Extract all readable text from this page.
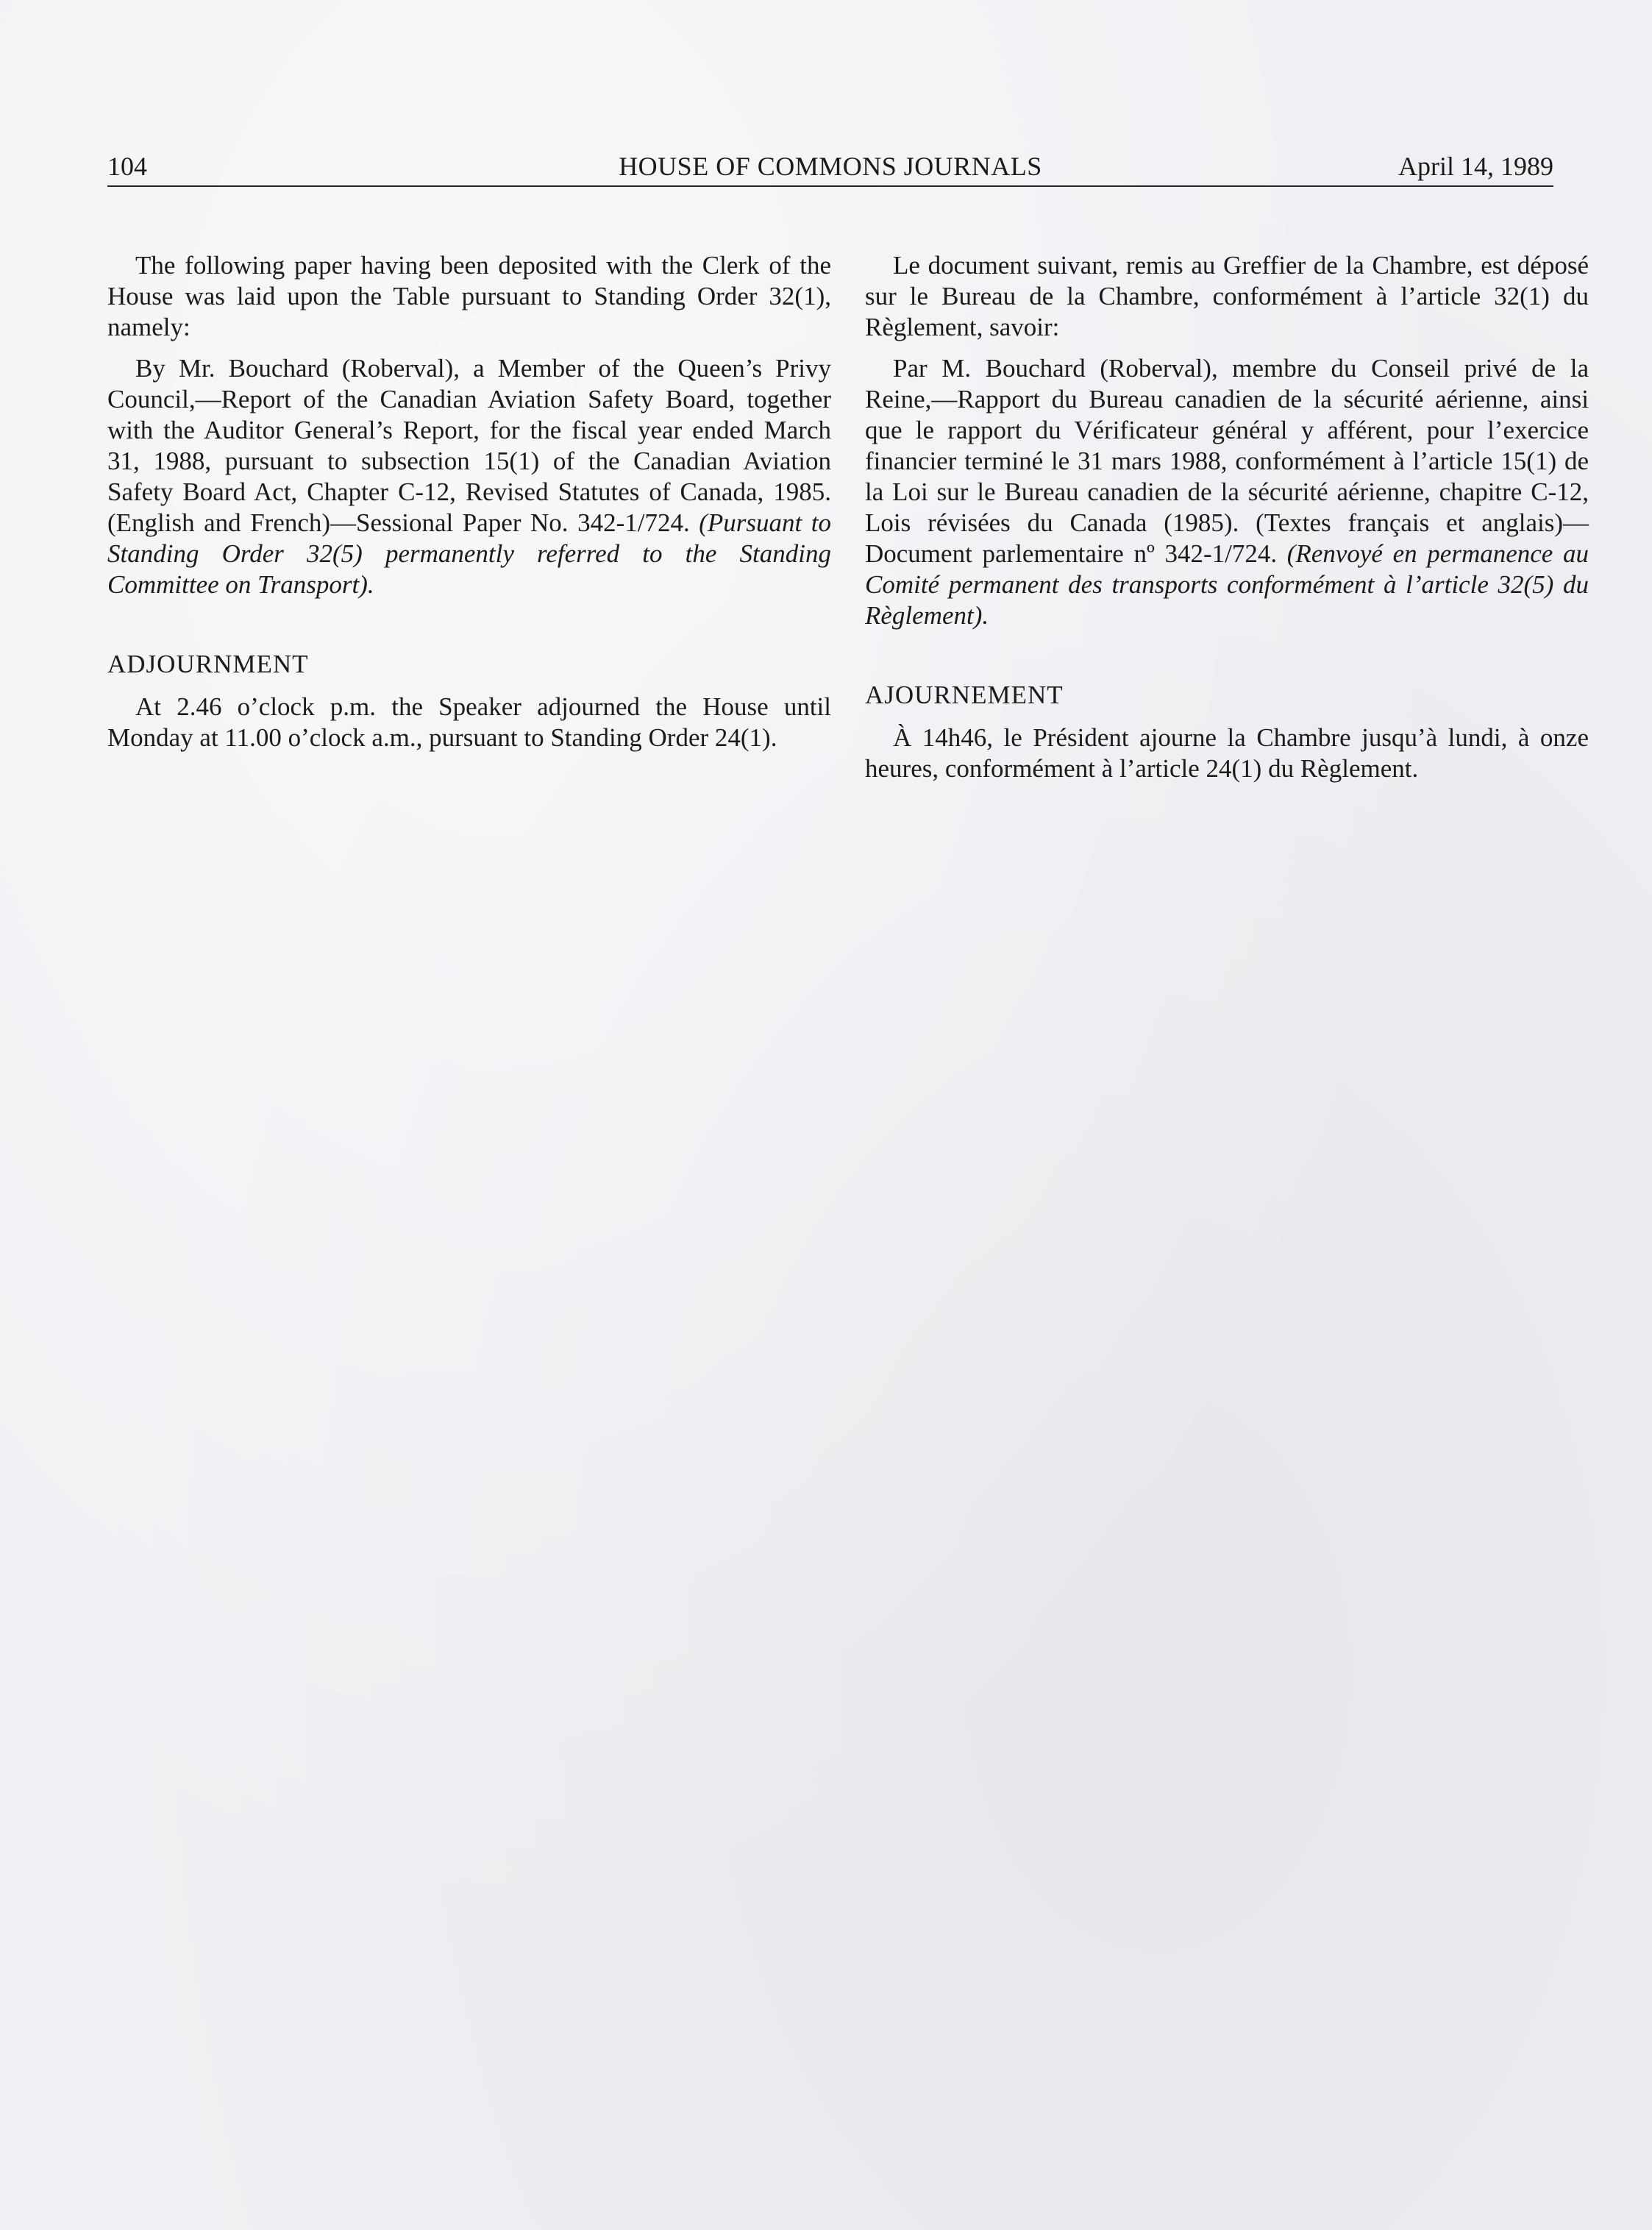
104	HOUSE OF COMMONS JOURNALS	April 14, 1989

The following paper having been deposited with the Clerk of the House was laid upon the Table pursuant to Standing Order 32(1), namely:

By Mr. Bouchard (Roberval), a Member of the Queen’s Privy Council,—Report of the Canadian Aviation Safety Board, together with the Auditor General’s Report, for the fiscal year ended March 31, 1988, pursuant to subsection 15(1) of the Canadian Aviation Safety Board Act, Chapter C-12, Revised Statutes of Canada, 1985. (English and French)—Sessional Paper No. 342-1/724. (Pursuant to Standing Order 32(5) permanently referred to the Standing Committee on Transport).

ADJOURNMENT

At 2.46 o’clock p.m. the Speaker adjourned the House until Monday at 11.00 o’clock a.m., pursuant to Standing Order 24(1).

Le document suivant, remis au Greffier de la Chambre, est déposé sur le Bureau de la Chambre, conformément à l’article 32(1) du Règlement, savoir:

Par M. Bouchard (Roberval), membre du Conseil privé de la Reine,—Rapport du Bureau canadien de la sécurité aérienne, ainsi que le rapport du Vérificateur général y afférent, pour l’exercice financier terminé le 31 mars 1988, conformément à l’article 15(1) de la Loi sur le Bureau canadien de la sécurité aérienne, chapitre C-12, Lois révisées du Canada (1985). (Textes français et anglais)—Document parlementaire nº 342-1/724. (Renvoyé en permanence au Comité permanent des transports conformément à l’article 32(5) du Règlement).

AJOURNEMENT

À 14h46, le Président ajourne la Chambre jusqu’à lundi, à onze heures, conformément à l’article 24(1) du Règlement.
